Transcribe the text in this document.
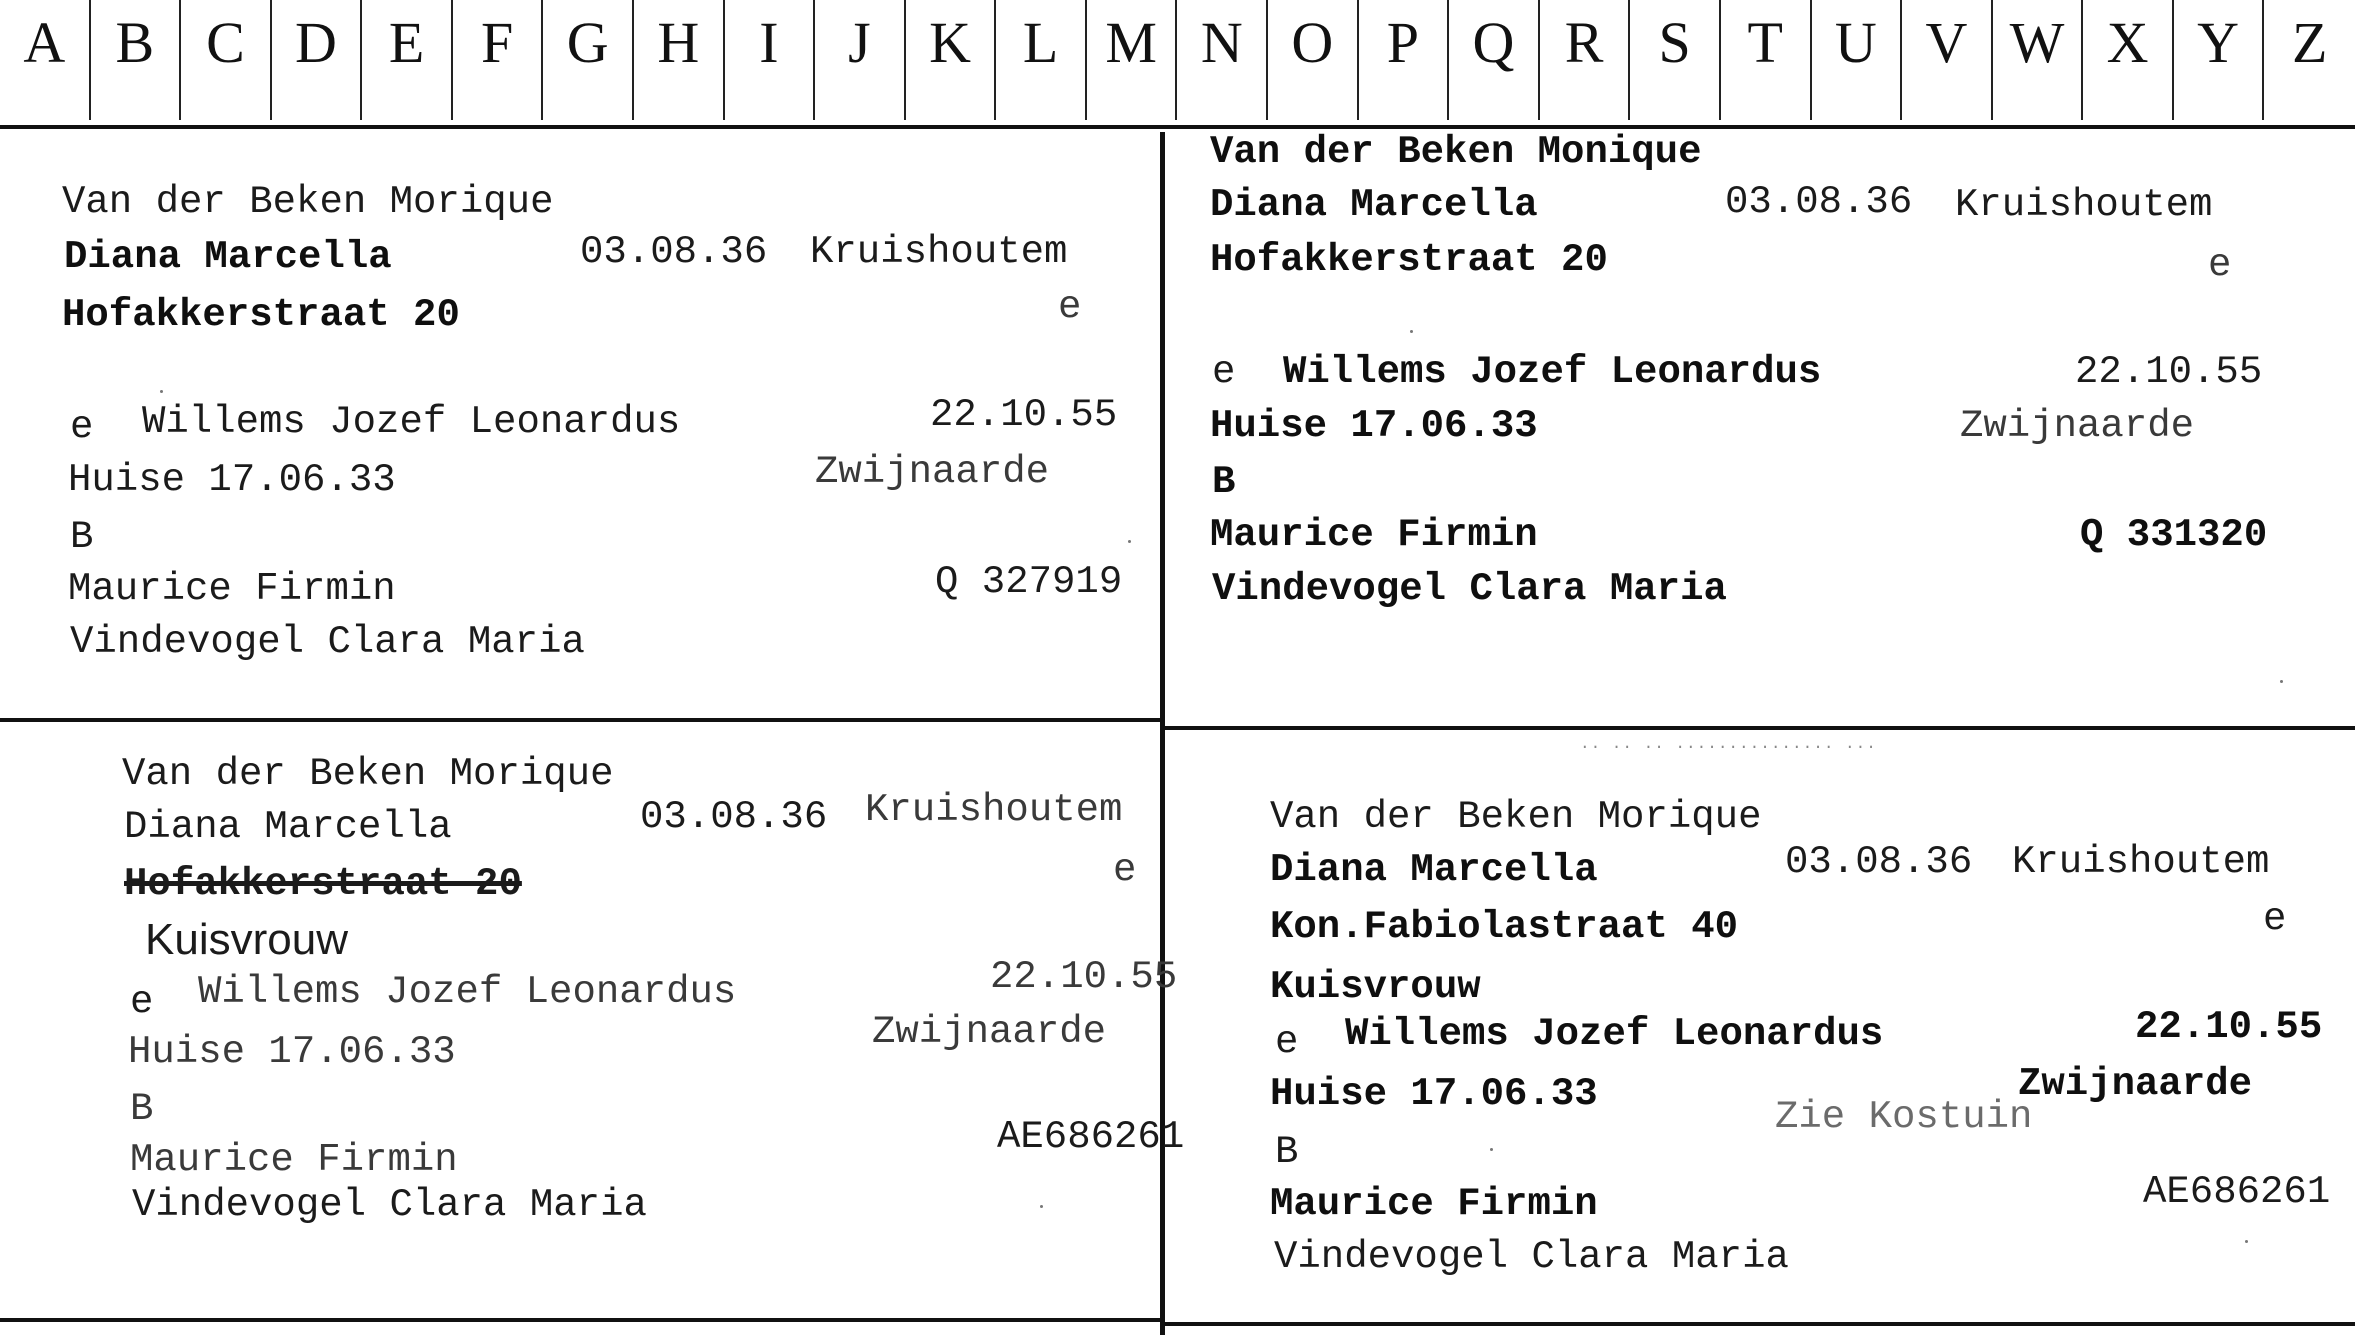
A B C D E F G H	I	J	K L M N O P Q R S T U V W X Y Z
Van der Beken Morique
Diana Marcella	03.08.36 Kruishoutem
Hofakkerstraat 20	e
e Willems Jozef Leonardus	22.10.55
Huise 17.06.33	Zwijnaarde
B
Maurice Firmin	Q 327919
Vindevogel Clara Maria
Van der Beken Monique
Diana Marcella	03.08.36 Kruishoutem
Hofakkerstraat 20	e
e Willems Jozef Leonardus	22.10.55
Huise 17.06.33	Zwijnaarde
B
Maurice Firmin	Q 331320
Vindevogel Clara Maria
Van der Beken Morique
Diana Marcella	03.08.36 Kruishoutem
Hofakkerstraat 20	e
Kuisvrouw
e Willems Jozef Leonardus	22.10.55
Huise 17.06.33	Zwijnaarde
B
Maurice Firmin
AE686261
Vindevogel Clara Maria
·· ·· ·· ··············· ···
Van der Beken Morique
Diana Marcella	03.08.36 Kruishoutem
Kon.Fabiolastraat 40	e
Kuisvrouw
e Willems Jozef Leonardus	22.10.55
Huise 17.06.33
Zie Kostuin
Zwijnaarde
B
Maurice Firmin	AE686261
Vindevogel Clara Maria
